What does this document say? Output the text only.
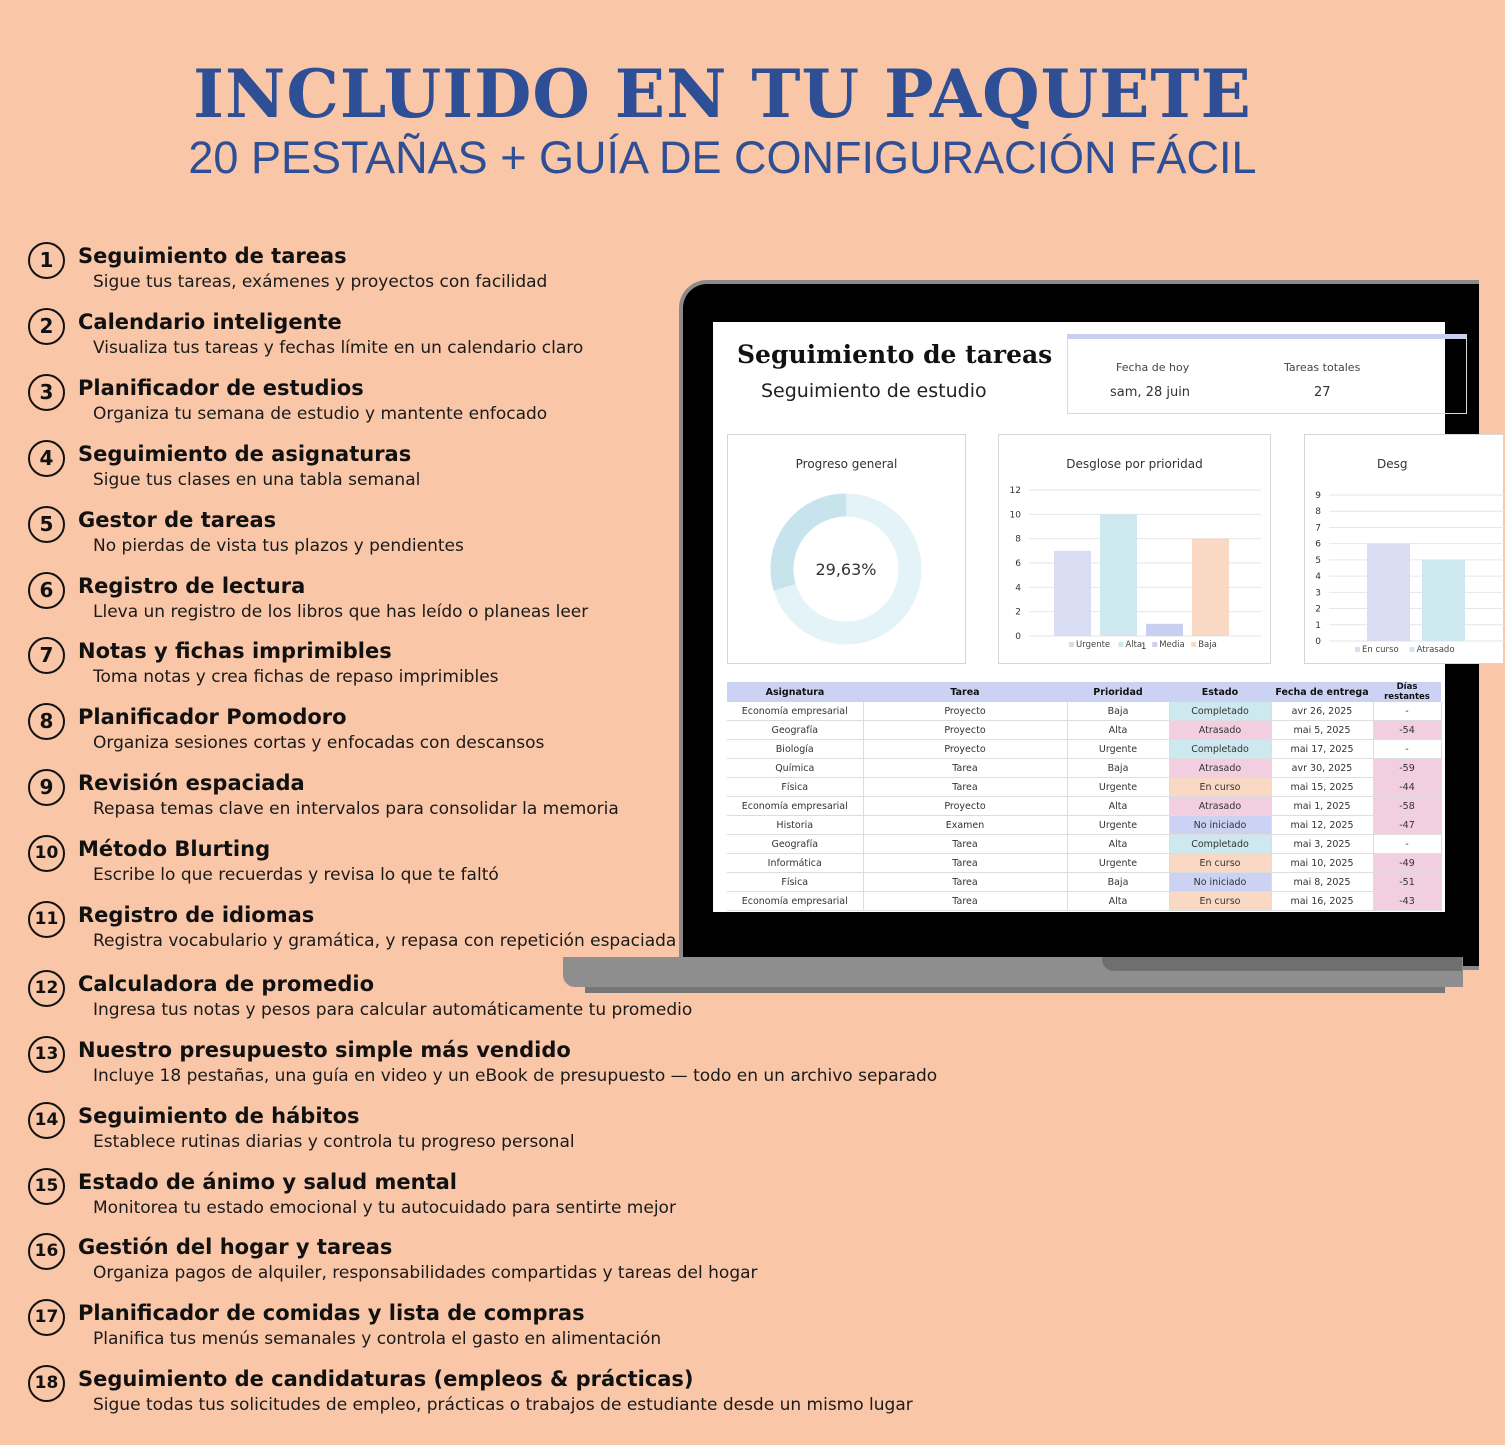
INCLUIDO EN TU PAQUETE
20 PESTAÑAS + GUÍA DE CONFIGURACIÓN FÁCIL
1	Seguimiento de tareas
Sigue tus tareas, exámenes y proyectos con facilidad
2	Calendario inteligente
Visualiza tus tareas y fechas límite en un calendario claro
3	Planificador de estudios
Organiza tu semana de estudio y mantente enfocado
4	Seguimiento de asignaturas
Sigue tus clases en una tabla semanal
5	Gestor de tareas
No pierdas de vista tus plazos y pendientes
6	Registro de lectura
Lleva un registro de los libros que has leído o planeas leer
7	Notas y fichas imprimibles
Toma notas y crea fichas de repaso imprimibles
8	Planificador Pomodoro
Organiza sesiones cortas y enfocadas con descansos
9	Revisión espaciada
Repasa temas clave en intervalos para consolidar la memoria
10 Método Blurting
Escribe lo que recuerdas y revisa lo que te faltó
11 Registro de idiomas
Registra vocabulario y gramática, y repasa con repetición espaciada
12 Calculadora de promedio
Ingresa tus notas y pesos para calcular automáticamente tu promedio
13 Nuestro presupuesto simple más vendido
Incluye 18 pestañas, una guía en video y un eBook de presupuesto — todo en un archivo separado
14 Seguimiento de hábitos
Establece rutinas diarias y controla tu progreso personal
15 Estado de ánimo y salud mental
Monitorea tu estado emocional y tu autocuidado para sentirte mejor
16 Gestión del hogar y tareas
Organiza pagos de alquiler, responsabilidades compartidas y tareas del hogar
17 Planificador de comidas y lista de compras
Planifica tus menús semanales y controla el gasto en alimentación
18 Seguimiento de candidaturas (empleos & prácticas)
Sigue todas tus solicitudes de empleo, prácticas o trabajos de estudiante desde un mismo lugar
Seguimiento de tareas
Seguimiento de estudio
Fecha de hoy
sam, 28 juin
Tareas totales
27
Progreso general
29,63%
Desglose por prioridad
0
2
4
6
8
10
12
Urgente Alta Media Baja
1
Desg
0
1
2
3
4
5
6
7
8
9
En curso Atrasado
Asignatura	Tarea	Prioridad	Estado	Fecha de entrega	Días restantes
Economía empresarial	Proyecto	Baja	Completado	avr 26, 2025	-
Geografía	Proyecto	Alta	Atrasado	mai 5, 2025	-54
Biología	Proyecto	Urgente	Completado	mai 17, 2025	-
Química	Tarea	Baja	Atrasado	avr 30, 2025	-59
Física	Tarea	Urgente	En curso	mai 15, 2025	-44
Economía empresarial	Proyecto	Alta	Atrasado	mai 1, 2025	-58
Historia	Examen	Urgente	No iniciado	mai 12, 2025	-47
Geografía	Tarea	Alta	Completado	mai 3, 2025	-
Informática	Tarea	Urgente	En curso	mai 10, 2025	-49
Física	Tarea	Baja	No iniciado	mai 8, 2025	-51
Economía empresarial	Tarea	Alta	En curso	mai 16, 2025	-43
